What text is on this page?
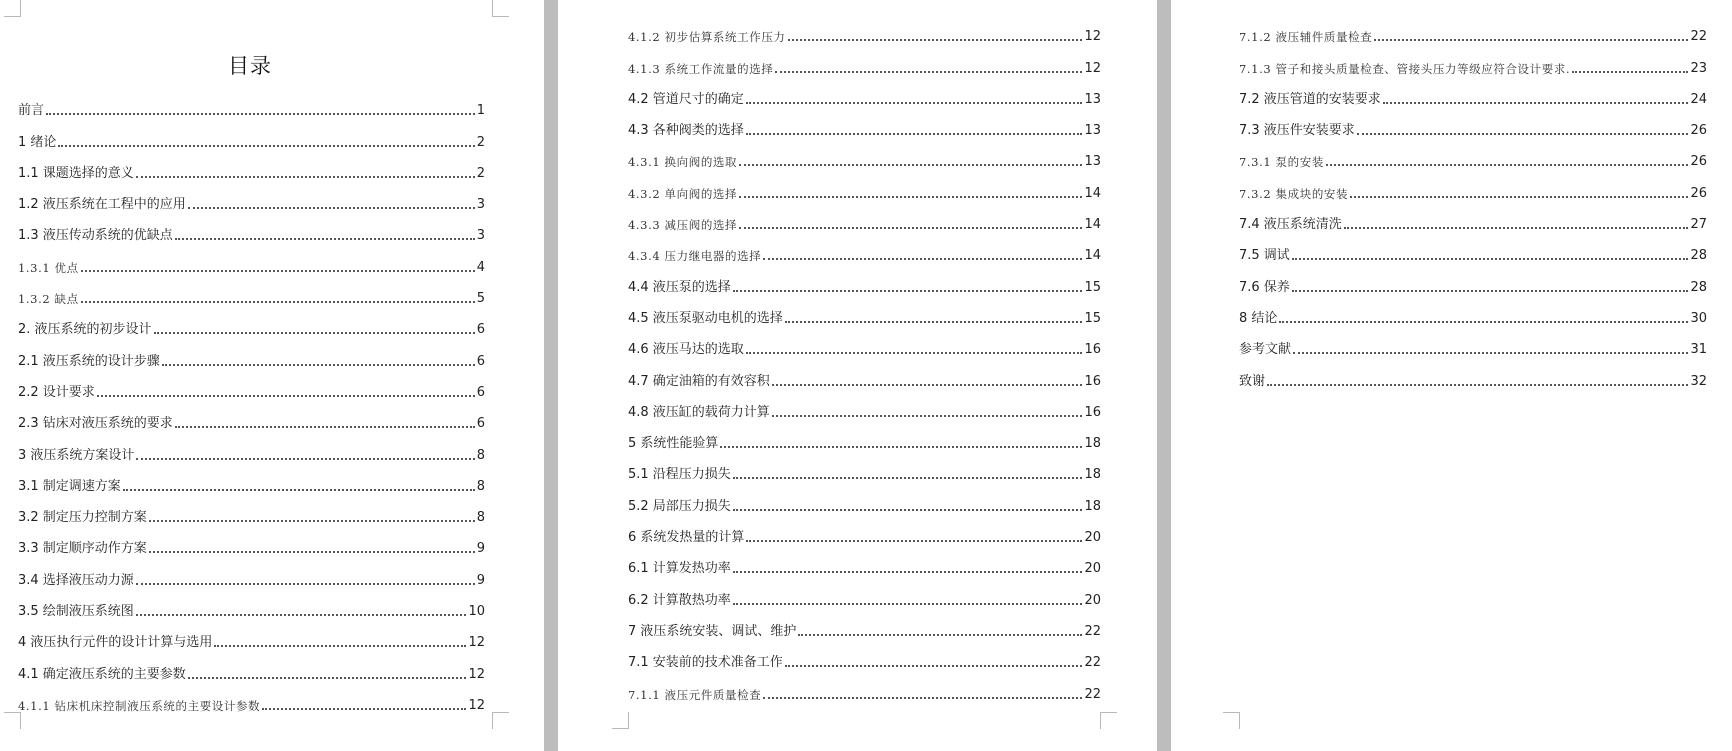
目录
前言	1
1 绪论	2
1.1 课题选择的意义	2
1.2 液压系统在工程中的应用	3
1.3 液压传动系统的优缺点	3
1.3.1 优点	4
1.3.2 缺点	5
2. 液压系统的初步设计	6
2.1 液压系统的设计步骤	6
2.2 设计要求	6
2.3 钻床对液压系统的要求	6
3 液压系统方案设计	8
3.1 制定调速方案	8
3.2 制定压力控制方案	8
3.3 制定顺序动作方案	9
3.4 选择液压动力源	9
3.5 绘制液压系统图	10
4 液压执行元件的设计计算与选用	12
4.1 确定液压系统的主要参数	12
4.1.1 钻床机床控制液压系统的主要设计参数	12
4.1.2 初步估算系统工作压力	12
4.1.3 系统工作流量的选择	12
4.2 管道尺寸的确定	13
4.3 各种阀类的选择	13
4.3.1 换向阀的选取	13
4.3.2 单向阀的选择	14
4.3.3 减压阀的选择	14
4.3.4 压力继电器的选择	14
4.4 液压泵的选择	15
4.5 液压泵驱动电机的选择	15
4.6 液压马达的选取	16
4.7 确定油箱的有效容积	16
4.8 液压缸的载荷力计算	16
5 系统性能验算	18
5.1 沿程压力损失	18
5.2 局部压力损失	18
6 系统发热量的计算	20
6.1 计算发热功率	20
6.2 计算散热功率	20
7 液压系统安装、调试、维护	22
7.1 安装前的技术准备工作	22
7.1.1 液压元件质量检查	22
7.1.2 液压辅件质量检查	22
7.1.3 管子和接头质量检查、管接头压力等级应符合设计要求.	23
7.2 液压管道的安装要求	24
7.3 液压件安装要求	26
7.3.1 泵的安装	26
7.3.2 集成块的安装	26
7.4 液压系统清洗	27
7.5 调试	28
7.6 保养	28
8 结论	30
参考文献	31
致谢	32
